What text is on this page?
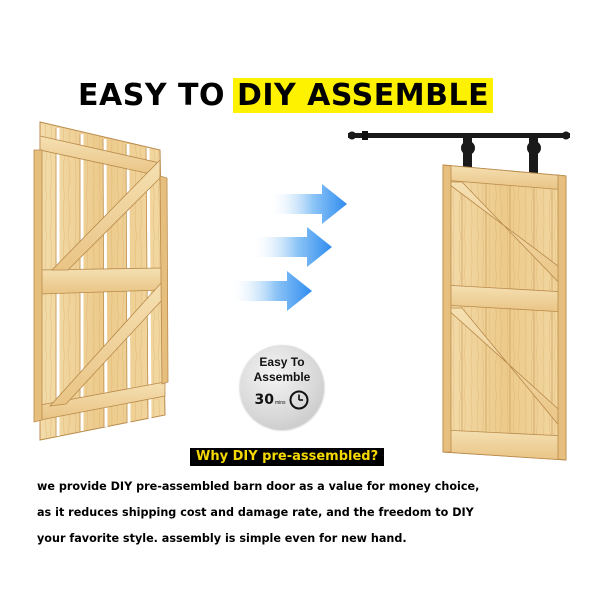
EASY TO DIY ASSEMBLE
Easy To
Assemble
30 mins
Why DIY pre-assembled?
we provide DIY pre-assembled barn door as a value for money choice,
as it reduces shipping cost and damage rate, and the freedom to DIY
your favorite style. assembly is simple even for new hand.
